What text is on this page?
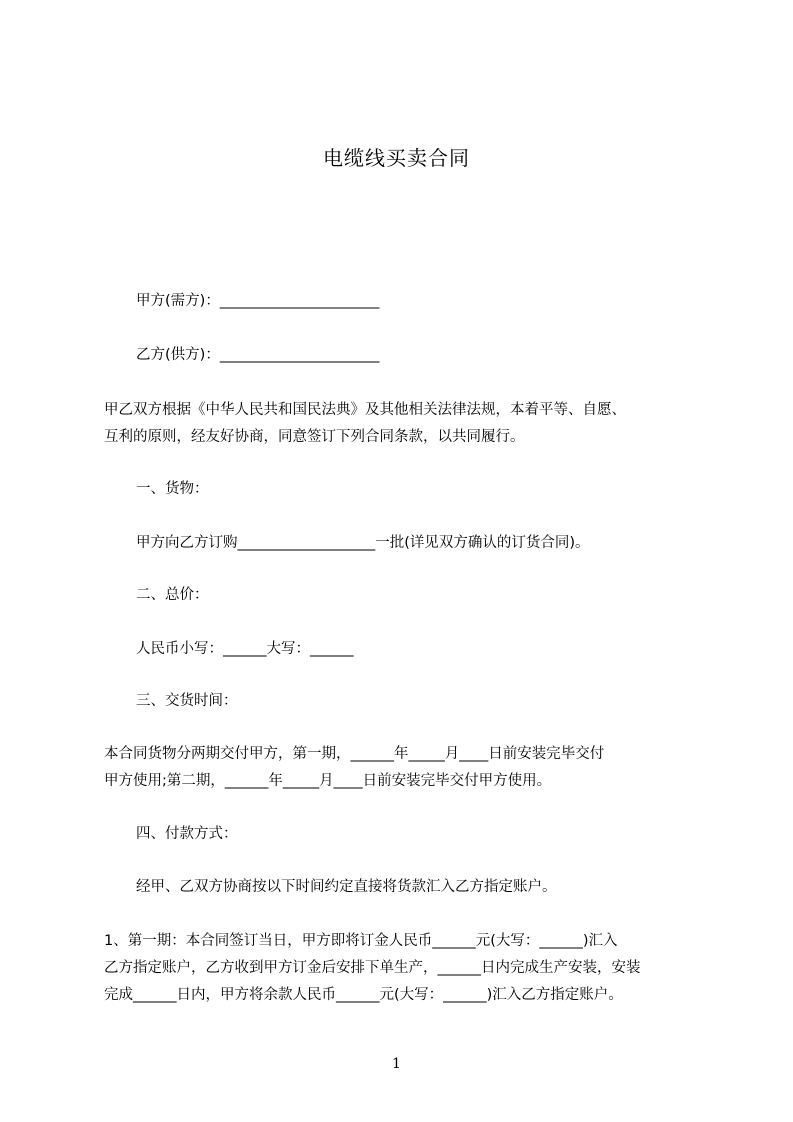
电缆线买卖合同
甲方(需方)：______________________
乙方(供方)：______________________
甲乙双方根据《中华人民共和国民法典》及其他相关法律法规，本着平等、自愿、
互利的原则，经友好协商，同意签订下列合同条款，以共同履行。
一、货物：
甲方向乙方订购___________________一批(详见双方确认的订货合同)。
二、总价：
人民币小写：______大写：______
三、交货时间：
本合同货物分两期交付甲方，第一期，______年_____月____日前安装完毕交付
甲方使用;第二期，______年_____月____日前安装完毕交付甲方使用。
四、付款方式：
经甲、乙双方协商按以下时间约定直接将货款汇入乙方指定账户。
1、第一期：本合同签订当日，甲方即将订金人民币______元(大写：______)汇入
乙方指定账户，乙方收到甲方订金后安排下单生产，______日内完成生产安装，安装
完成______日内，甲方将余款人民币______元(大写：______)汇入乙方指定账户。
1
